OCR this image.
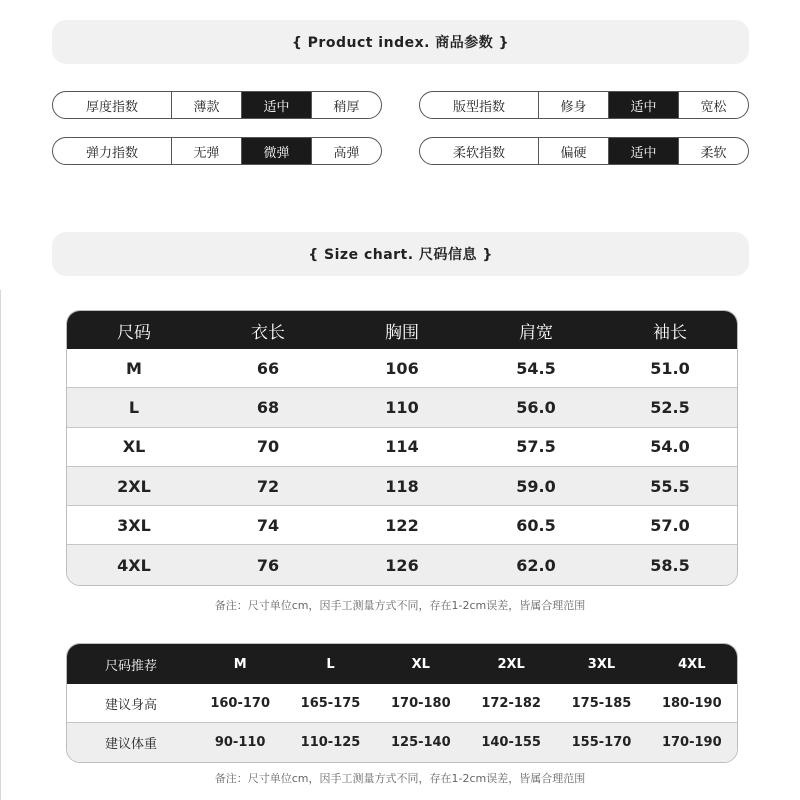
{ Product index. 商品参数 }
厚度指数	薄款	适中	稍厚	版型指数	修身	适中	宽松
弹力指数	无弹	微弹	高弹	柔软指数	偏硬	适中	柔软
{ Size chart. 尺码信息 }
尺码	衣长	胸围	肩宽	袖长
M	66	106	54.5	51.0
L	68	110	56.0	52.5
XL	70	114	57.5	54.0
2XL	72	118	59.0	55.5
3XL	74	122	60.5	57.0
4XL	76	126	62.0	58.5
备注：尺寸单位cm，因手工测量方式不同，存在1-2cm误差，皆属合理范围
尺码推荐	M	L	XL	2XL	3XL	4XL
建议身高	160-170	165-175	170-180	172-182	175-185	180-190
建议体重	90-110	110-125	125-140	140-155	155-170	170-190
备注：尺寸单位cm，因手工测量方式不同，存在1-2cm误差，皆属合理范围
